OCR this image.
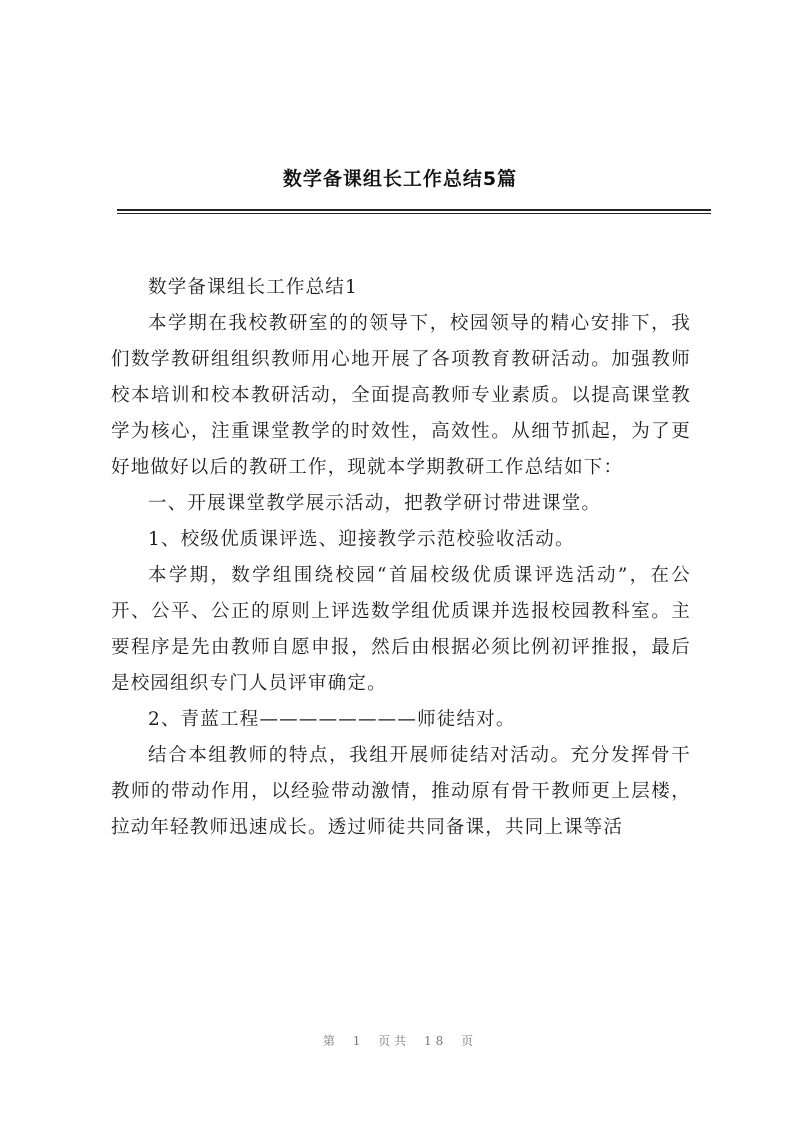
数学备课组长工作总结5篇

数学备课组长工作总结1

本学期在我校教研室的的领导下，校园领导的精心安排下，我们数学教研组组织教师用心地开展了各项教育教研活动。加强教师校本培训和校本教研活动，全面提高教师专业素质。以提高课堂教学为核心，注重课堂教学的时效性，高效性。从细节抓起，为了更好地做好以后的教研工作，现就本学期教研工作总结如下：

一、开展课堂教学展示活动，把教学研讨带进课堂。

1、校级优质课评选、迎接教学示范校验收活动。

本学期，数学组围绕校园“首届校级优质课评选活动”，在公开、公平、公正的原则上评选数学组优质课并选报校园教科室。主要程序是先由教师自愿申报，然后由根据必须比例初评推报，最后是校园组织专门人员评审确定。

2、青蓝工程————————师徒结对。

结合本组教师的特点，我组开展师徒结对活动。充分发挥骨干教师的带动作用，以经验带动激情，推动原有骨干教师更上层楼，拉动年轻教师迅速成长。透过师徒共同备课，共同上课等活

第 1 页共 18 页
